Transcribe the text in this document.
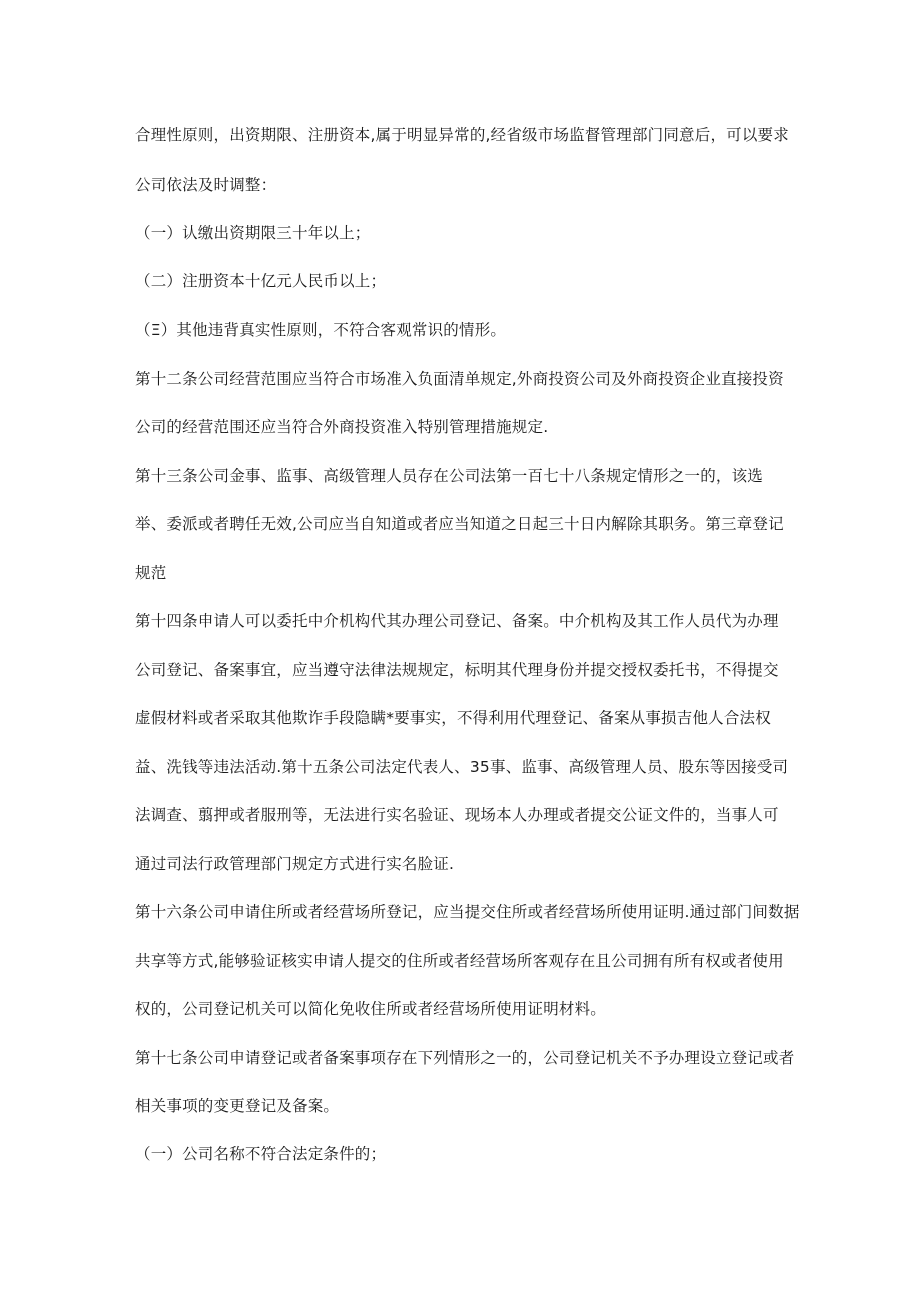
合理性原则，出资期限、注册资本,属于明显异常的,经省级市场监督管理部门同意后，可以要求
公司依法及时调整：
（一）认缴出资期限三十年以上；
（二）注册资本十亿元人民币以上；
（Ξ）其他违背真实性原则，不符合客观常识的情形。
第十二条公司经营范围应当符合市场准入负面清单规定,外商投资公司及外商投资企业直接投资
公司的经营范围还应当符合外商投资准入特别管理措施规定.
第十三条公司金事、监事、高级管理人员存在公司法第一百七十八条规定情形之一的，该选
举、委派或者聘任无效,公司应当自知道或者应当知道之日起三十日内解除其职务。第三章登记
规范
第十四条申请人可以委托中介机构代其办理公司登记、备案。中介机构及其工作人员代为办理
公司登记、备案事宜，应当遵守法律法规规定，标明其代理身份并提交授权委托书，不得提交
虚假材料或者采取其他欺诈手段隐瞒*要事实，不得利用代理登记、备案从事损吉他人合法权
益、洗钱等违法活动.第十五条公司法定代表人、35事、监事、高级管理人员、股东等因接受司
法调查、翦押或者服刑等，无法进行实名验证、现场本人办理或者提交公证文件的，当事人可
通过司法行政管理部门规定方式进行实名脸证.
第十六条公司申请住所或者经营场所登记，应当提交住所或者经营场所使用证明.通过部门间数据
共享等方式,能够验证核实申请人提交的住所或者经营场所客观存在且公司拥有所有权或者使用
权的，公司登记机关可以简化免收住所或者经营场所使用证明材料。
第十七条公司申请登记或者备案事项存在下列情形之一的，公司登记机关不予办理设立登记或者
相关事项的变更登记及备案。
（一）公司名称不符合法定条件的；
